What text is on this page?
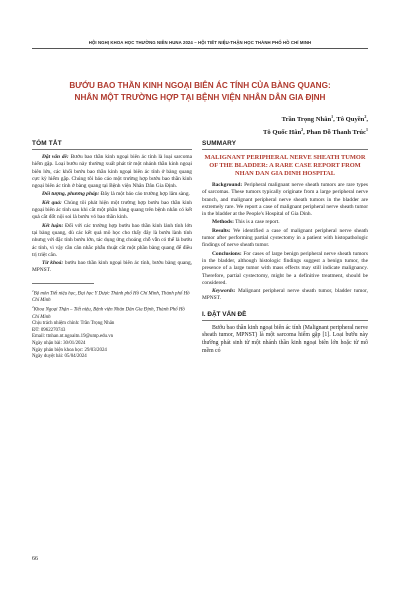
HỘI NGHỊ KHOA HỌC THƯỜNG NIÊN HUNA 2024 – HỘI TIẾT NIỆU-THẬN HỌC THÀNH PHỐ HỒ CHÍ MINH
BƯỚU BAO THẦN KINH NGOẠI BIÊN ÁC TÍNH CỦA BÀNG QUANG:
NHÂN MỘT TRƯỜNG HỢP TẠI BỆNH VIỆN NHÂN DÂN GIA ĐỊNH
Trần Trọng Nhân$^1$, Tô Quyền$^2$,
Tô Quốc Hân$^2$, Phan Đỗ Thanh Trúc$^1$
TÓM TẮT

Đặt vấn đề: Bướu bao thần kinh ngoại biên ác tính là loại sarcoma hiếm gặp. Loại bướu này thường xuất phát từ một nhánh thần kinh ngoại biên lớn, các khối bướu bao thần kinh ngoại biên ác tính ở bàng quang cực kỳ hiếm gặp. Chúng tôi báo cáo một trường hợp bướu bao thần kinh ngoại biên ác tính ở bàng quang tại Bệnh viện Nhân Dân Gia Định.

Đối tượng, phương pháp: Đây là một báo cáo trường hợp lâm sàng.

Kết quả: Chúng tôi phát hiện một trường hợp bướu bao thần kinh ngoại biên ác tính sau khi cắt một phần bàng quang trên bệnh nhân có kết quả cắt đốt nội soi là bướu vỏ bao thần kinh.

Kết luận: Đối với các trường hợp bướu bao thần kinh lành tính lớn tại bàng quang, dù các kết quả mô học cho thấy đây là bướu lành tính nhưng với đặc tính bướu lớn, tác dụng ứng choáng chỗ vẫn có thể là bướu ác tính, vì vậy cần cân nhắc phẫu thuật cắt một phần bàng quang để điều trị triệt căn.

Từ khoá: bướu bao thần kinh ngoại biên ác tính, bướu bàng quang, MPNST.

$^1$Bộ môn Tiết niệu học, Đại học Y Dược Thành phố Hồ Chí Minh, Thành phố Hồ Chí Minh

$^2$Khoa Ngoại Thận – Tiết niệu, Bệnh viện Nhân Dân Gia Định, Thành Phố Hồ Chí Minh

Chịu trách nhiệm chính: Trần Trọng Nhân

ĐT: 0962270743

Email: ttnhan.nt.ngoaitn.19@ump.edu.vn

Ngày nhận bài: 30/01/2024

Ngày phản biện khoa học: 29/03/2024

Ngày duyệt bài: 05/04/2024

SUMMARY
MALIGNANT PERIPHERAL NERVE SHEATH TUMOR OF THE BLADDER: A RARE CASE REPORT FROM NHAN DAN GIA DINH HOSPITAL

Background: Peripheral malignant nerve sheath tumors are rare types of sarcomas. These tumors typically originate from a large peripheral nerve branch, and malignant peripheral nerve sheath tumors in the bladder are extremely rare. We report a case of malignant peripheral nerve sheath tumor in the bladder at the People's Hospital of Gia Dinh.

Methods: This is a case report.

Results: We identified a case of malignant peripheral nerve sheath tumor after performing partial cystectomy in a patient with histopathologic findings of nerve sheath tumor.

Conclusions: For cases of large benign peripheral nerve sheath tumors in the bladder, although histologic findings suggest a benign tumor, the presence of a large tumor with mass effects may still indicate malignancy. Therefore, partial cystectomy, might be a definitive treatment, should be considered.

Keywords: Malignant peripheral nerve sheath tumor, bladder tumor, MPNST.

I. ĐẶT VẤN ĐỀ

Bướu bao thần kinh ngoại biên ác tính (Malignant peripheral nerve sheath tumor, MPNST) là một sarcoma hiếm gặp [1]. Loại bướu này thường phát sinh từ một nhánh thần kinh ngoại biên lớn hoặc từ mô mềm có

66
